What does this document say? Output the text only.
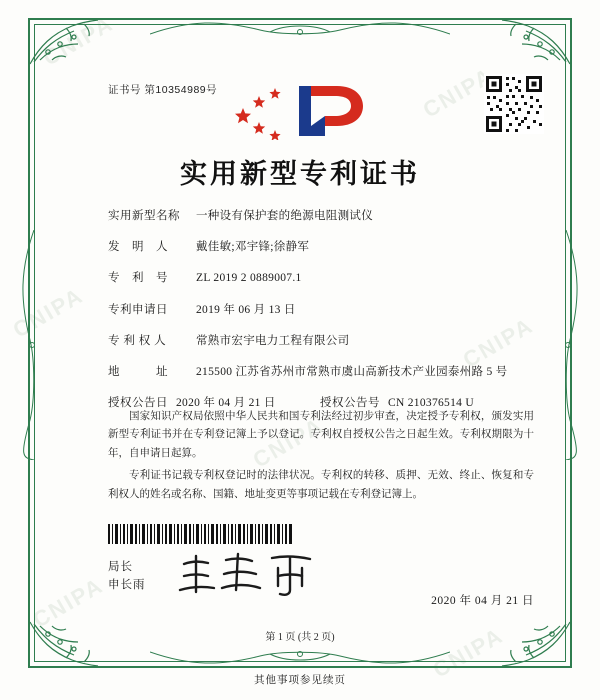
CNIPA
CNIPA
CNIPA	CNIPA
CNIPA
CNIPA
CNIPA
证书号 第10354989号
实用新型专利证书
实用新型名称	一种设有保护套的绝源电阻测试仪
发　明　人	戴佳敏;邓宇锋;徐静军
专　利　号	ZL 2019 2 0889007.1
专利申请日	2019 年 06 月 13 日
专 利 权 人	常熟市宏宇电力工程有限公司
地　　　址	215500 江苏省苏州市常熟市虞山高新技术产业园泰州路 5 号
授权公告日 2020 年 04 月 21 日	授权公告号 CN 210376514 U

国家知识产权局依照中华人民共和国专利法经过初步审查，决定授予专利权，颁发实用新型专利证书并在专利登记簿上予以登记。专利权自授权公告之日起生效。专利权期限为十年，自申请日起算。

专利证书记载专利权登记时的法律状况。专利权的转移、质押、无效、终止、恢复和专利权人的姓名或名称、国籍、地址变更等事项记载在专利登记簿上。

局长
申长雨
2020 年 04 月 21 日
第 1 页 (共 2 页)
其他事项参见续页
